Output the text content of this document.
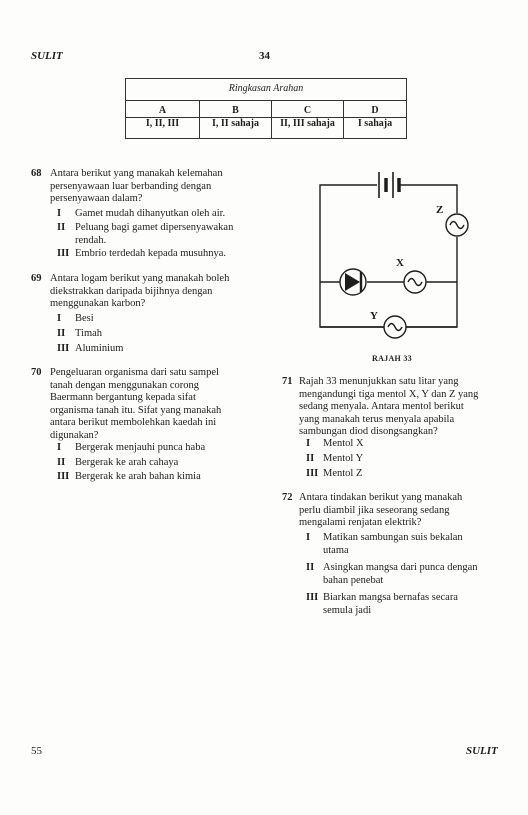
SULIT	34
55	SULIT
Ringkasan Arahan			
A	B	C	D
I, II, III	I, II sahaja	II, III sahaja	I sahaja
68 Antara berikut yang manakah kelemahan
persenyawaan luar berbanding dengan
persenyawaan dalam?
I Gamet mudah dihanyutkan oleh air.
II Peluang bagi gamet dipersenyawakan
rendah.
III Embrio terdedah kepada musuhnya.
69 Antara logam berikut yang manakah boleh
diekstrakkan daripada bijihnya dengan
menggunakan karbon?
I Besi
II Timah
III Aluminium
70 Pengeluaran organisma dari satu sampel
tanah dengan menggunakan corong
Baermann bergantung kepada sifat
organisma tanah itu. Sifat yang manakah
antara berikut membolehkan kaedah ini
digunakan?
I Bergerak menjauhi punca haba
II Bergerak ke arah cahaya
III Bergerak ke arah bahan kimia
Z
X
Y
RAJAH 33
71 Rajah 33 menunjukkan satu litar yang
mengandungi tiga mentol X, Y dan Z yang
sedang menyala. Antara mentol berikut
yang manakah terus menyala apabila
sambungan diod disongsangkan?
I Mentol X
II Mentol Y
III Mentol Z
72 Antara tindakan berikut yang manakah
perlu diambil jika seseorang sedang
mengalami renjatan elektrik?
I Matikan sambungan suis bekalan
utama
II Asingkan mangsa dari punca dengan
bahan penebat
III Biarkan mangsa bernafas secara
semula jadi
